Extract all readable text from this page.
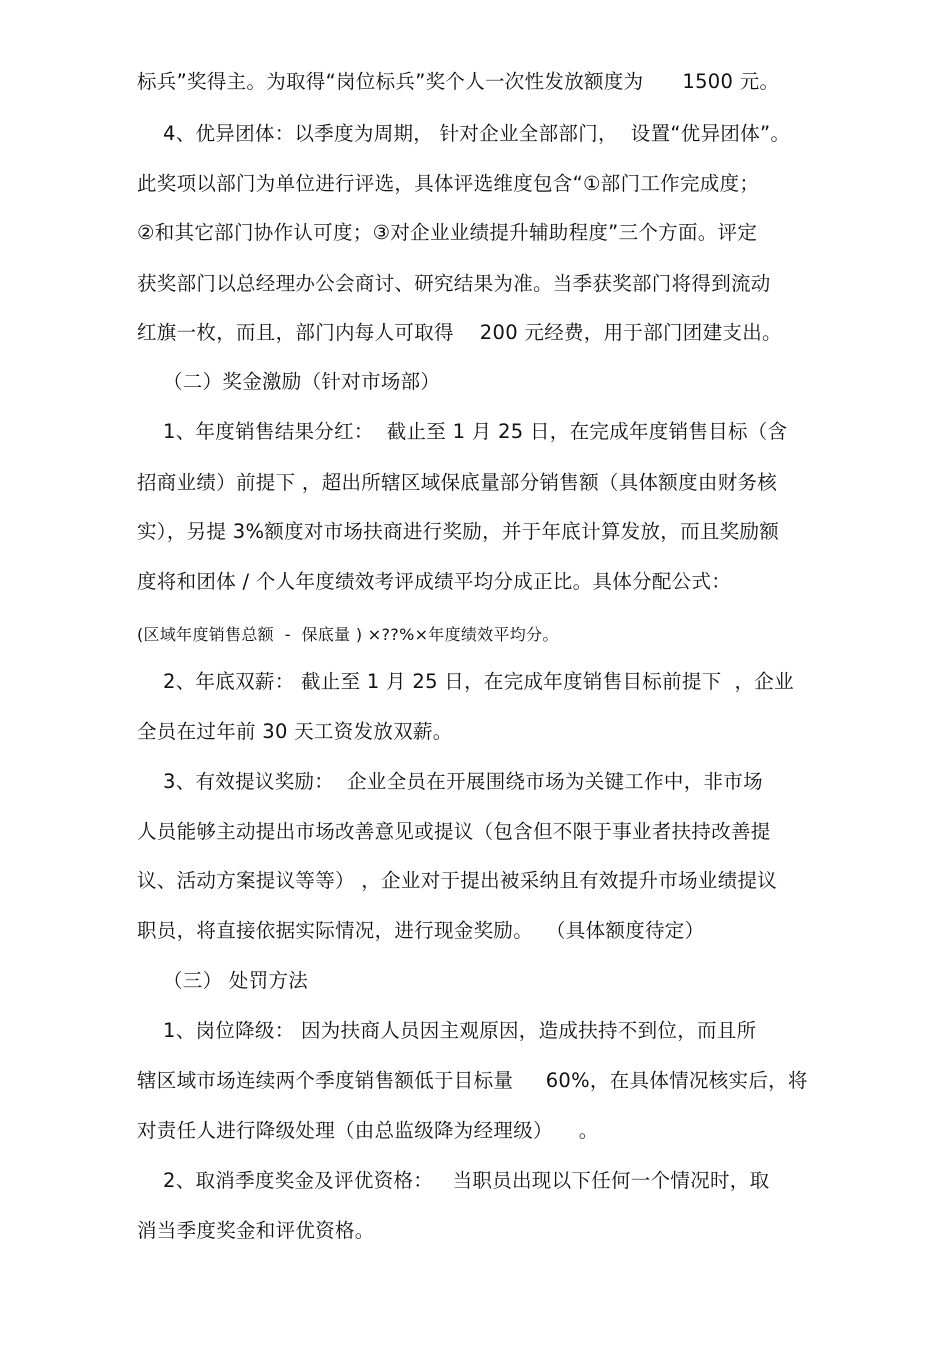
标兵”奖得主。为取得“岗位标兵”奖个人一次性发放额度为      1500 元。
4、优异团体：以季度为周期， 针对企业全部部门，  设置“优异团体”。
此奖项以部门为单位进行评选，具体评选维度包含“①部门工作完成度；
②和其它部门协作认可度；③对企业业绩提升辅助程度”三个方面。评定
获奖部门以总经理办公会商讨、研究结果为准。当季获奖部门将得到流动
红旗一枚，而且，部门内每人可取得    200 元经费，用于部门团建支出。
（二）奖金激励（针对市场部）
1、年度销售结果分红：  截止至 1 月 25 日，在完成年度销售目标（含
招商业绩）前提下 ，超出所辖区域保底量部分销售额（具体额度由财务核
实），另提 3%额度对市场扶商进行奖励，并于年底计算发放，而且奖励额
度将和团体 / 个人年度绩效考评成绩平均分成正比。具体分配公式：
(区域年度销售总额  -  保底量 ) ×??%×年度绩效平均分。
2、年底双薪： 截止至 1 月 25 日，在完成年度销售目标前提下  ，企业
全员在过年前 30 天工资发放双薪。
3、有效提议奖励：  企业全员在开展围绕市场为关键工作中，非市场
人员能够主动提出市场改善意见或提议（包含但不限于事业者扶持改善提
议、活动方案提议等等） ，企业对于提出被采纳且有效提升市场业绩提议
职员，将直接依据实际情况，进行现金奖励。  （具体额度待定）
（三） 处罚方法
1、岗位降级： 因为扶商人员因主观原因，造成扶持不到位，而且所
辖区域市场连续两个季度销售额低于目标量     60%，在具体情况核实后，将
对责任人进行降级处理（由总监级降为经理级）    。
2、取消季度奖金及评优资格：   当职员出现以下任何一个情况时，取
消当季度奖金和评优资格。
